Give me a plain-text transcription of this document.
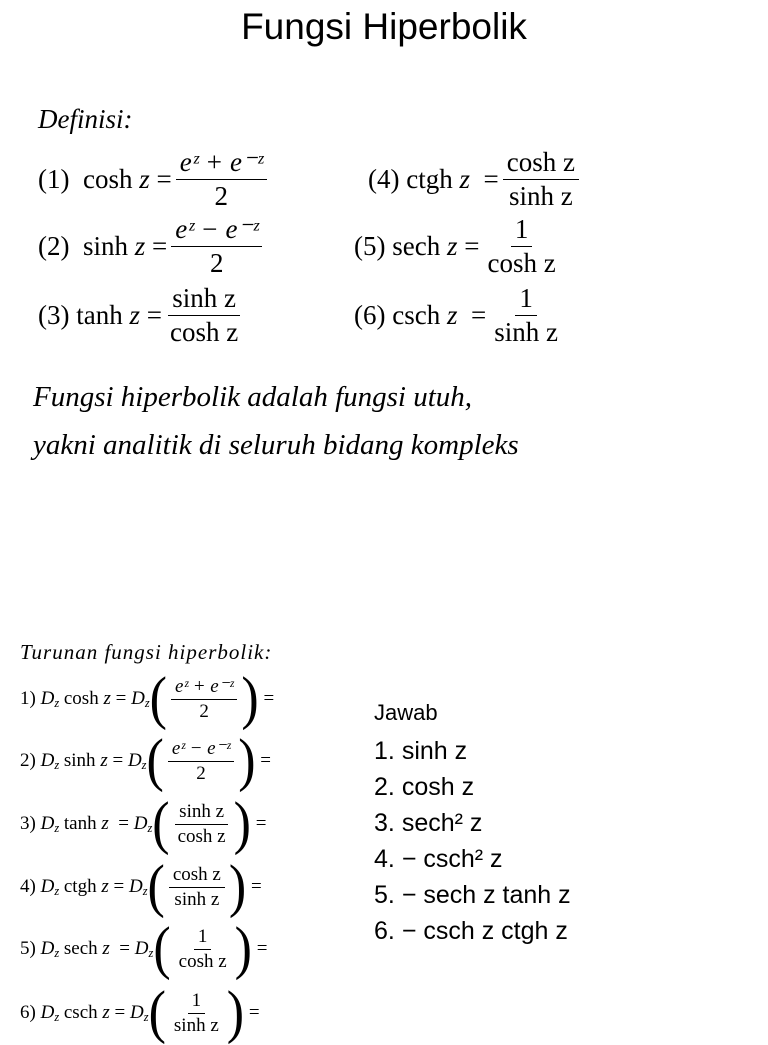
Fungsi Hiperbolik
Definisi:
(1)
cosh
$z = \frac{\text{eᶻ + e⁻ᶻ}}{2}$
(2)
sinh
$z = \frac{\text{eᶻ − e⁻ᶻ}}{2}$
(3)
tanh
$z = \frac{\text{sinh z}}{\text{cosh z}}$
(4)
ctgh
$z = \frac{\text{cosh z}}{\text{sinh z}}$
(5)
sech
$z = \frac{1}{\text{cosh z}}$
(6)
csch
$z = \frac{1}{\text{sinh z}}$
Fungsi hiperbolik adalah fungsi utuh,
yakni analitik di seluruh bidang kompleks
Turunan fungsi hiperbolik:
1)
$D_z$
cosh
$z = D_z$ ( $\frac{\text{eᶻ + e⁻ᶻ}}{2}$ ) =
2)
$D_z$
sinh
$z = D_z$ ( $\frac{\text{eᶻ − e⁻ᶻ}}{2}$ ) =
3)
$D_z$
tanh
$z = D_z$ ( $\frac{\text{sinh z}}{\text{cosh z}}$ ) =
4)
$D_z$
ctgh
$z = D_z$ ( $\frac{\text{cosh z}}{\text{sinh z}}$ ) =
5)
$D_z$
sech
$z = D_z$ ( $\frac{1}{\text{cosh z}}$ ) =
6)
$D_z$
csch
$z = D_z$ ( $\frac{1}{\text{sinh z}}$ ) =
Jawab
1.
sinh z
2.
cosh z
3.
sech² z
4.
− csch² z
5.
− sech z tanh z
6.
− csch z ctgh z
